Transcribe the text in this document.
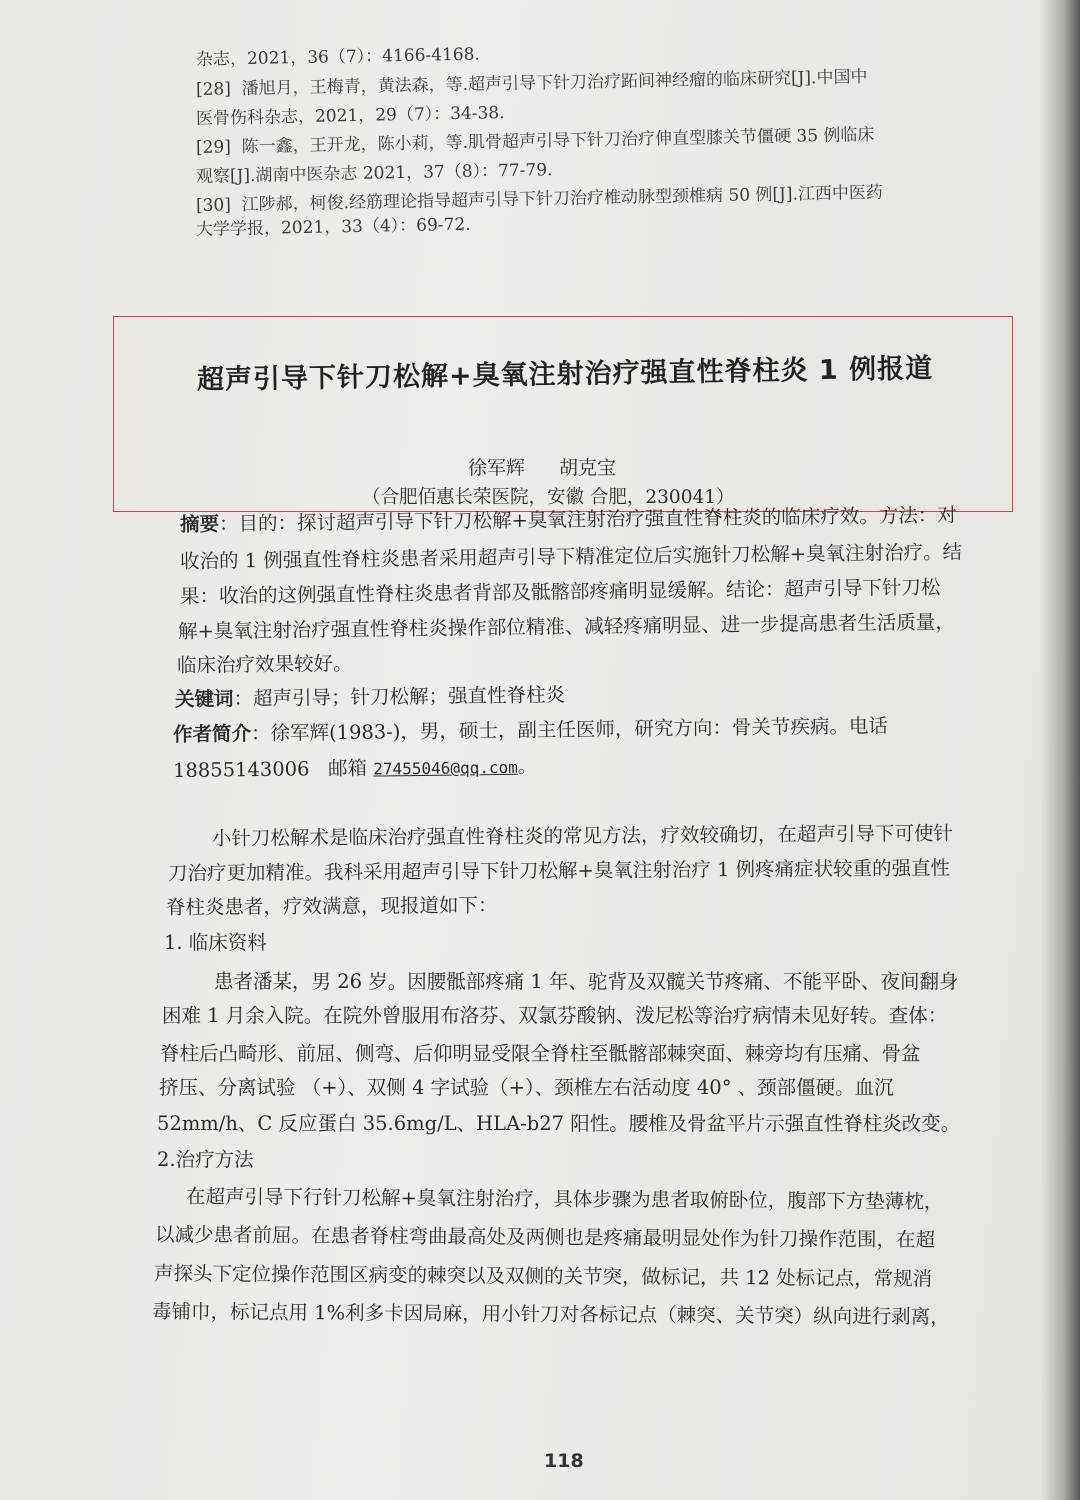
杂志，2021，36（7）：4166-4168.
[28] 潘旭月，王梅青，黄法森，等.超声引导下针刀治疗跖间神经瘤的临床研究[J].中国中
医骨伤科杂志，2021，29（7）：34-38.
[29] 陈一鑫，王开龙，陈小莉，等.肌骨超声引导下针刀治疗伸直型膝关节僵硬 35 例临床
观察[J].湖南中医杂志 2021，37（8）：77-79.
[30] 江陟郝，柯俊.经筋理论指导超声引导下针刀治疗椎动脉型颈椎病 50 例[J].江西中医药
大学学报，2021，33（4）：69-72.
超声引导下针刀松解+臭氧注射治疗强直性脊柱炎 1 例报道
徐军辉 胡克宝
（合肥佰惠长荣医院，安徽 合肥，230041）
摘要：目的：探讨超声引导下针刀松解+臭氧注射治疗强直性脊柱炎的临床疗效。方法：对
收治的 1 例强直性脊柱炎患者采用超声引导下精准定位后实施针刀松解+臭氧注射治疗。结
果：收治的这例强直性脊柱炎患者背部及骶髂部疼痛明显缓解。结论：超声引导下针刀松
解+臭氧注射治疗强直性脊柱炎操作部位精准、减轻疼痛明显、进一步提高患者生活质量，
临床治疗效果较好。
关键词：超声引导；针刀松解；强直性脊柱炎
作者简介：徐军辉(1983-)，男，硕士，副主任医师，研究方向：骨关节疾病。电话
18855143006 邮箱 27455046@qq.com。
小针刀松解术是临床治疗强直性脊柱炎的常见方法，疗效较确切，在超声引导下可使针
刀治疗更加精准。我科采用超声引导下针刀松解+臭氧注射治疗 1 例疼痛症状较重的强直性
脊柱炎患者，疗效满意，现报道如下：
1. 临床资料
患者潘某，男 26 岁。因腰骶部疼痛 1 年、驼背及双髋关节疼痛、不能平卧、夜间翻身
困难 1 月余入院。在院外曾服用布洛芬、双氯芬酸钠、泼尼松等治疗病情未见好转。查体：
脊柱后凸畸形、前屈、侧弯、后仰明显受限全脊柱至骶髂部棘突面、棘旁均有压痛、骨盆
挤压、分离试验 （+）、双侧 4 字试验（+）、颈椎左右活动度 40° 、颈部僵硬。血沉
52mm/h、C 反应蛋白 35.6mg/L、HLA-b27 阳性。腰椎及骨盆平片示强直性脊柱炎改变。
2.治疗方法
在超声引导下行针刀松解+臭氧注射治疗，具体步骤为患者取俯卧位，腹部下方垫薄枕，
以减少患者前屈。在患者脊柱弯曲最高处及两侧也是疼痛最明显处作为针刀操作范围，在超
声探头下定位操作范围区病变的棘突以及双侧的关节突，做标记，共 12 处标记点，常规消
毒铺巾，标记点用 1%利多卡因局麻，用小针刀对各标记点（棘突、关节突）纵向进行剥离，
118
